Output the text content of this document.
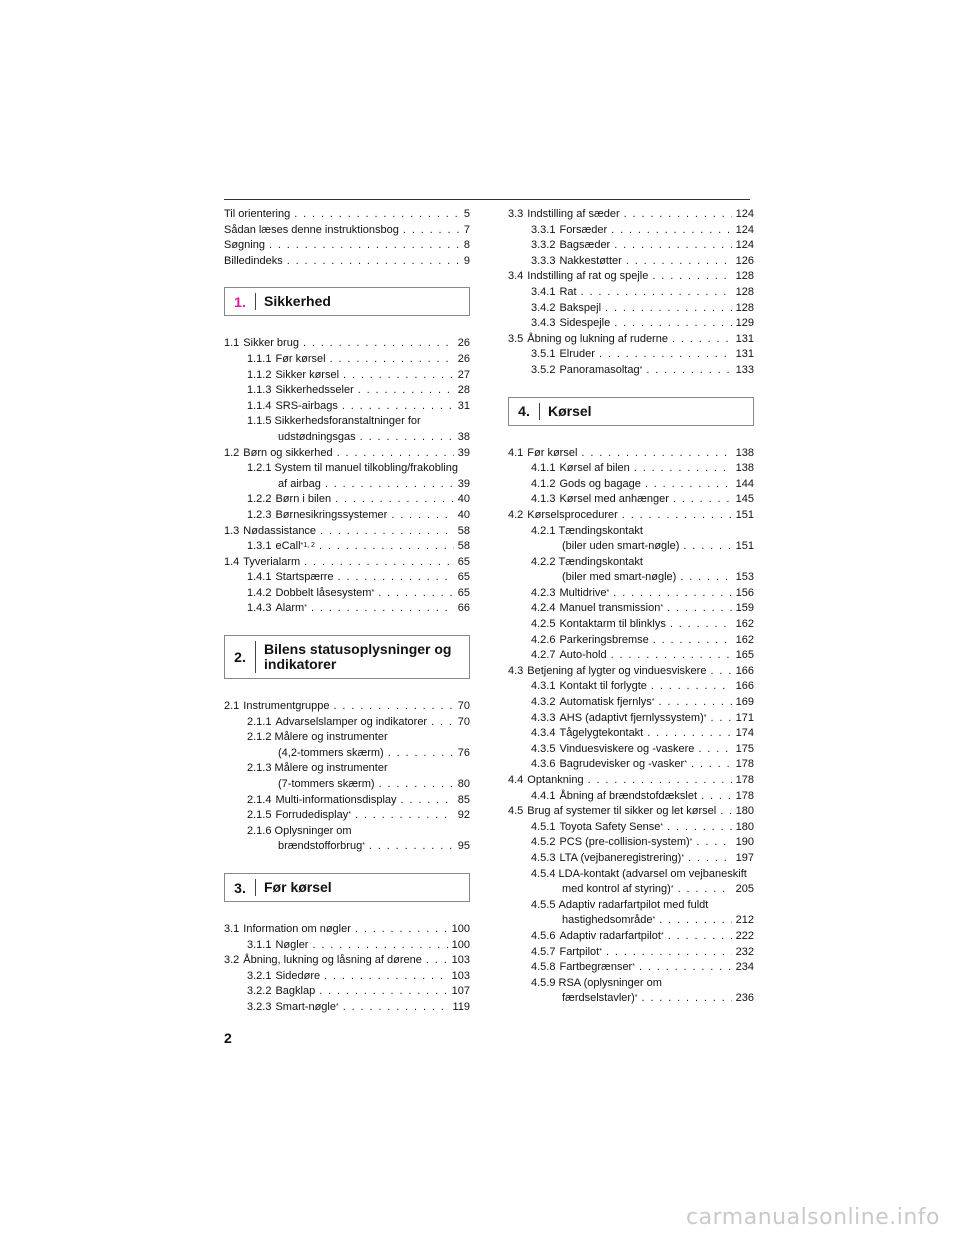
Til orientering . . .	5
Sådan læses denne instruktionsbog . . .	7
Søgning . . .	8
Billedindeks . . .	9
1.	Sikkerhed
1.1 Sikker brug . . .	26
1.1.1 Før kørsel . . .	26
1.1.2 Sikker kørsel . . .	27
1.1.3 Sikkerhedsseler . . .	28
1.1.4 SRS-airbags . . .	31
1.1.5 Sikkerhedsforanstaltninger for
udstødningsgas . . .	38
1.2 Børn og sikkerhed . . .	39
1.2.1 System til manuel tilkobling/frakobling
af airbag . . .	39
1.2.2 Børn i bilen . . .	40
1.2.3 Børnesikringssystemer . . .	40
1.3 Nødassistance . . .	58
1.3.1 eCall$^{*1, 2}$ . . .	58
1.4 Tyverialarm . . .	65
1.4.1 Startspærre . . .	65
1.4.2 Dobbelt låsesystem* . . .	65
1.4.3 Alarm* . . .	66
2.	Bilens statusoplysninger og
indikatorer
2.1 Instrumentgruppe . . .	70
2.1.1 Advarselslamper og indikatorer . . .	70
2.1.2 Målere og instrumenter
(4,2-tommers skærm) . . .	76
2.1.3 Målere og instrumenter
(7-tommers skærm) . . .	80
2.1.4 Multi-informationsdisplay . . .	85
2.1.5 Forrudedisplay* . . .	92
2.1.6 Oplysninger om
brændstofforbrug* . . .	95
3.	Før kørsel
3.1 Information om nøgler . . .	100
3.1.1 Nøgler . . .	100
3.2 Åbning, lukning og låsning af dørene . . .	103
3.2.1 Sidedøre . . .	103
3.2.2 Bagklap . . .	107
3.2.3 Smart-nøgle* . . .	119
3.3 Indstilling af sæder . . .	124
3.3.1 Forsæder . . .	124
3.3.2 Bagsæder . . .	124
3.3.3 Nakkestøtter . . .	126
3.4 Indstilling af rat og spejle . . .	128
3.4.1 Rat . . .	128
3.4.2 Bakspejl . . .	128
3.4.3 Sidespejle . . .	129
3.5 Åbning og lukning af ruderne . . .	131
3.5.1 Elruder . . .	131
3.5.2 Panoramasoltag* . . .	133
4.	Kørsel
4.1 Før kørsel . . .	138
4.1.1 Kørsel af bilen . . .	138
4.1.2 Gods og bagage . . .	144
4.1.3 Kørsel med anhænger . . .	145
4.2 Kørselsprocedurer . . .	151
4.2.1 Tændingskontakt
(biler uden smart-nøgle) . . .	151
4.2.2 Tændingskontakt
(biler med smart-nøgle) . . .	153
4.2.3 Multidrive* . . .	156
4.2.4 Manuel transmission* . . .	159
4.2.5 Kontaktarm til blinklys . . .	162
4.2.6 Parkeringsbremse . . .	162
4.2.7 Auto-hold . . .	165
4.3 Betjening af lygter og vinduesviskere . . .	166
4.3.1 Kontakt til forlygte . . .	166
4.3.2 Automatisk fjernlys* . . .	169
4.3.3 AHS (adaptivt fjernlyssystem)* . . .	171
4.3.4 Tågelygtekontakt . . .	174
4.3.5 Vinduesviskere og -vaskere . . .	175
4.3.6 Bagrudevisker og -vasker* . . .	178
4.4 Optankning . . .	178
4.4.1 Åbning af brændstofdækslet . . .	178
4.5 Brug af systemer til sikker og let kørsel . . . 180
4.5.1 Toyota Safety Sense* . . .	180
4.5.2 PCS (pre-collision-system)* . . .	190
4.5.3 LTA (vejbaneregistrering)* . . .	197
4.5.4 LDA-kontakt (advarsel om vejbaneskift
med kontrol af styring)* . . .	205
4.5.5 Adaptiv radarfartpilot med fuldt
hastighedsområde* . . .	212
4.5.6 Adaptiv radarfartpilot* . . .	222
4.5.7 Fartpilot* . . .	232
4.5.8 Fartbegrænser* . . .	234
4.5.9 RSA (oplysninger om
færdselstavler)* . . .	236
2
carmanualsonline.info
